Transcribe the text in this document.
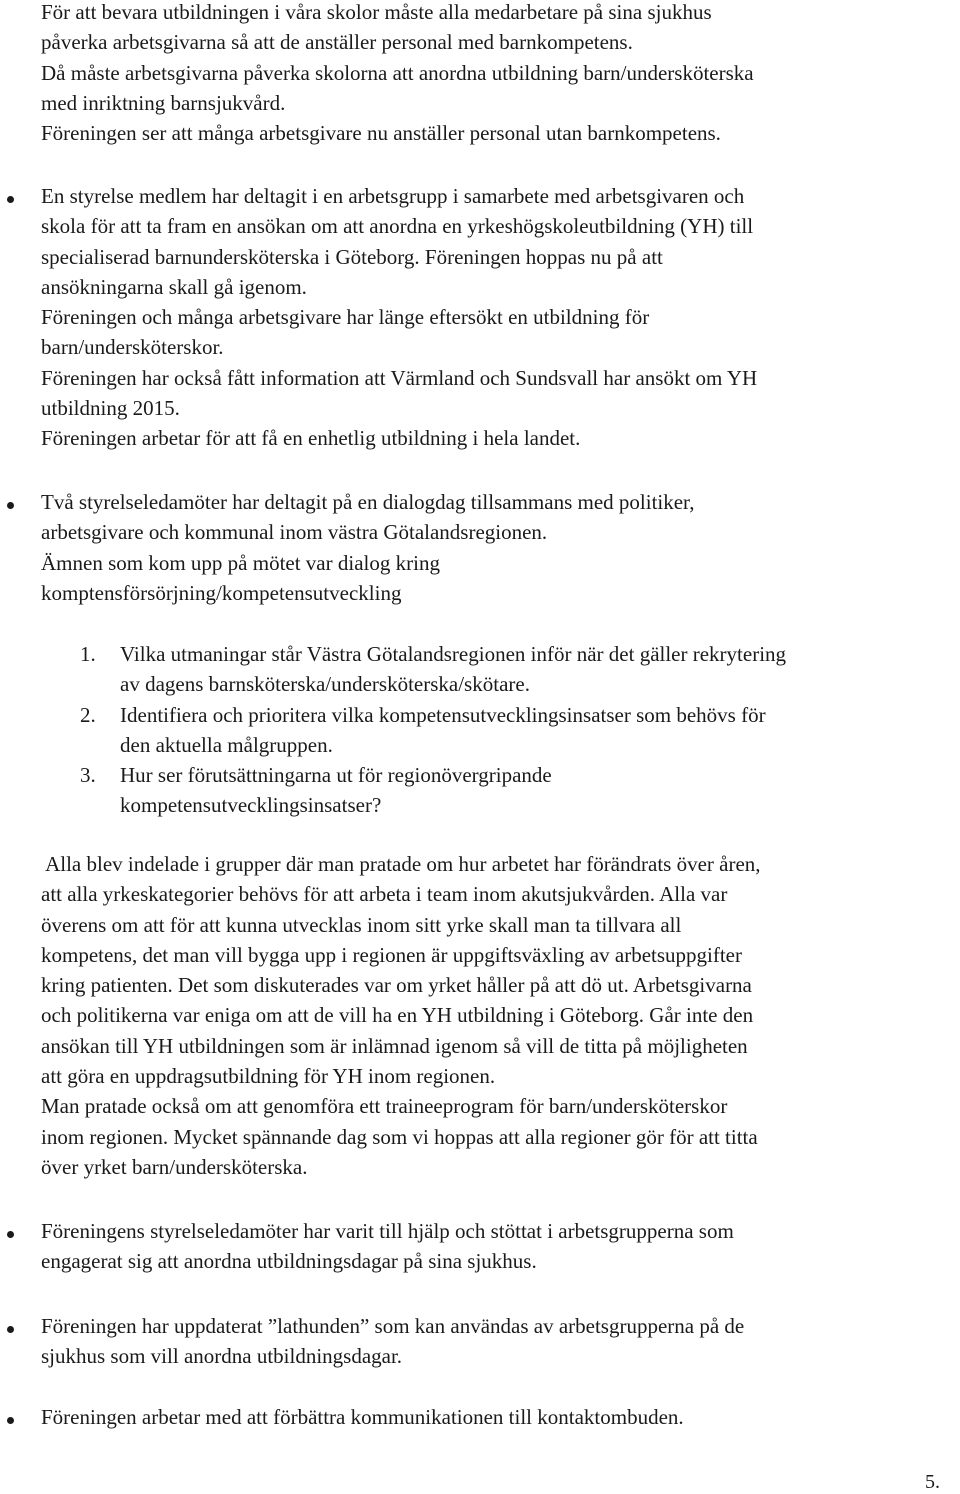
För att bevara utbildningen i våra skolor måste alla medarbetare på sina sjukhus
påverka arbetsgivarna så att de anställer personal med barnkompetens.
Då måste arbetsgivarna påverka skolorna att anordna utbildning barn/undersköterska
med inriktning barnsjukvård.
Föreningen ser att många arbetsgivare nu anställer personal utan barnkompetens.
En styrelse medlem har deltagit i en arbetsgrupp i samarbete med arbetsgivaren och
skola för att ta fram en ansökan om att anordna en yrkeshögskoleutbildning (YH) till
specialiserad barnundersköterska i Göteborg. Föreningen hoppas nu på att
ansökningarna skall gå igenom.
Föreningen och många arbetsgivare har länge eftersökt en utbildning för
barn/undersköterskor.
Föreningen har också fått information att Värmland och Sundsvall har ansökt om YH
utbildning 2015.
Föreningen arbetar för att få en enhetlig utbildning i hela landet.
Två styrelseledamöter har deltagit på en dialogdag tillsammans med politiker,
arbetsgivare och kommunal inom västra Götalandsregionen.
Ämnen som kom upp på mötet var dialog kring
komptensförsörjning/kompetensutveckling
1.	Vilka utmaningar står Västra Götalandsregionen inför när det gäller rekrytering
av dagens barnsköterska/undersköterska/skötare.
2.	Identifiera och prioritera vilka kompetensutvecklingsinsatser som behövs för
den aktuella målgruppen.
3.	Hur ser förutsättningarna ut för regionövergripande
kompetensutvecklingsinsatser?
Alla blev indelade i grupper där man pratade om hur arbetet har förändrats över åren,
att alla yrkeskategorier behövs för att arbeta i team inom akutsjukvården. Alla var
överens om att för att kunna utvecklas inom sitt yrke skall man ta tillvara all
kompetens, det man vill bygga upp i regionen är uppgiftsväxling av arbetsuppgifter
kring patienten. Det som diskuterades var om yrket håller på att dö ut. Arbetsgivarna
och politikerna var eniga om att de vill ha en YH utbildning i Göteborg. Går inte den
ansökan till YH utbildningen som är inlämnad igenom så vill de titta på möjligheten
att göra en uppdragsutbildning för YH inom regionen.
Man pratade också om att genomföra ett traineeprogram för barn/undersköterskor
inom regionen. Mycket spännande dag som vi hoppas att alla regioner gör för att titta
över yrket barn/undersköterska.
Föreningens styrelseledamöter har varit till hjälp och stöttat i arbetsgrupperna som
engagerat sig att anordna utbildningsdagar på sina sjukhus.
Föreningen har uppdaterat ”lathunden” som kan användas av arbetsgrupperna på de
sjukhus som vill anordna utbildningsdagar.
Föreningen arbetar med att förbättra kommunikationen till kontaktombuden.
5.
